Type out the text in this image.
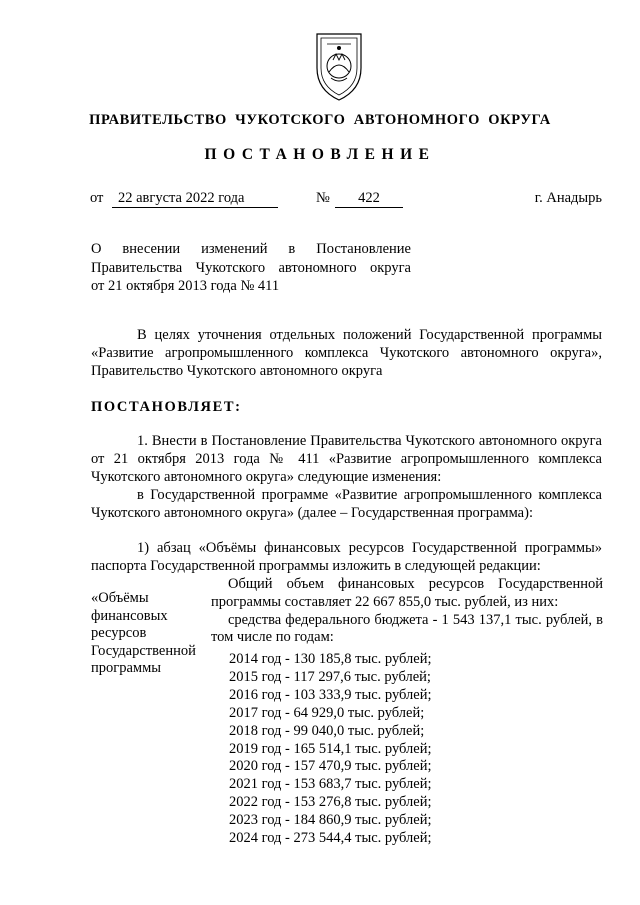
ПРАВИТЕЛЬСТВО ЧУКОТСКОГО АВТОНОМНОГО ОКРУГА
ПОСТАНОВЛЕНИЕ
от	22 августа 2022 года	№	422	г. Анадырь
О внесении изменений в Постановление
Правительства Чукотского автономного округа
от 21 октября 2013 года № 411
В целях уточнения отдельных положений Государственной программы «Развитие агропромышленного комплекса Чукотского автономного округа», Правительство Чукотского автономного округа
ПОСТАНОВЛЯЕТ:
1. Внести в Постановление Правительства Чукотского автономного округа от 21 октября 2013 года № 411 «Развитие агропромышленного комплекса Чукотского автономного округа» следующие изменения:
в Государственной программе «Развитие агропромышленного комплекса Чукотского автономного округа» (далее – Государственная программа):
1) абзац «Объёмы финансовых ресурсов Государственной программы» паспорта Государственной программы изложить в следующей редакции:
«Объёмы финансовых ресурсов Государственной программы
Общий объем финансовых ресурсов Государственной программы составляет 22 667 855,0 тыс. рублей, из них:
средства федерального бюджета - 1 543 137,1 тыс. рублей, в том числе по годам:
2014 год - 130 185,8 тыс. рублей;
2015 год - 117 297,6 тыс. рублей;
2016 год - 103 333,9 тыс. рублей;
2017 год - 64 929,0 тыс. рублей;
2018 год - 99 040,0 тыс. рублей;
2019 год - 165 514,1 тыс. рублей;
2020 год - 157 470,9 тыс. рублей;
2021 год - 153 683,7 тыс. рублей;
2022 год - 153 276,8 тыс. рублей;
2023 год - 184 860,9 тыс. рублей;
2024 год - 273 544,4 тыс. рублей;
